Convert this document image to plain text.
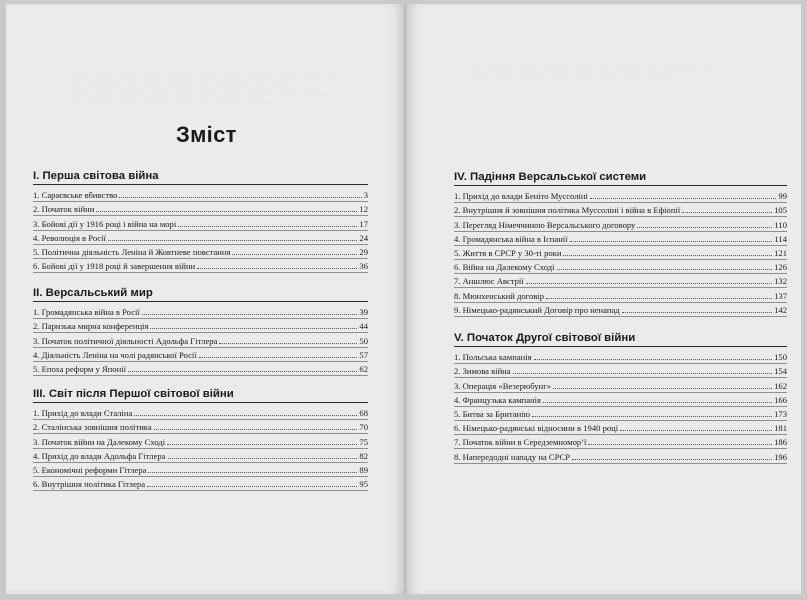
———— ——— ———— ——— ————— ——— ——— ————— ——— ———— ——
——— ————— ——— ——— ———— ——— ————— ——— ———
———— ——— ————— ——— ——— ———— ——— ————— ——— ————
——— ———— ——— ————— ——— ——— ———— ————
Зміст
I. Перша світова війна
1. Сараєвське вбивство	3
2. Початок війни	12
3. Бойові дії у 1916 році і війна на морі	17
4. Революція в Росії	24
5. Політична діяльність Леніна й Жовтневе повстання	29
6. Бойові дії у 1918 році й завершення війни	36
II. Версальський мир
1. Громадянська війна в Росії	39
2. Паризька мирна конференція	44
3. Початок політичної діяльності Адольфа Гітлера	50
4. Діяльність Леніна на чолі радянської Росії	57
5. Епоха реформ у Японії	62
III. Світ після Першої світової війни
1. Прихід до влади Сталіна	68
2. Сталінська зовнішня політика	70
3. Початок війни на Далекому Сході	75
4. Прихід до влади Адольфа Гітлера	82
5. Економічні реформи Гітлера	89
6. Внутрішня політика Гітлера	95
——— ———— ——— ————— ——— ——— ———— ——— ————— ———
———— ——— ————— ——— ——— ———— ——— —————
IV. Падіння Версальської системи
1. Прихід до влади Беніто Муссоліні	99
2. Внутрішня й зовнішня політика Муссоліні і війна в Ефіопії	105
3. Перегляд Німеччиною Версальського договору	110
4. Громадянська війна в Іспанії	114
5. Життя в СРСР у 30-ті роки	121
6. Війна на Далекому Сході	126
7. Аншлюс Австрії	132
8. Мюнхенський договір	137
9. Німецько-радянський Договір про ненапад	142
V. Початок Другої світової війни
1. Польська кампанія	150
2. Зимова війна	154
3. Операція «Везерюбунг»	162
4. Французька кампанія	166
5. Битва за Британію	173
6. Німецько-радянські відносини в 1940 році	181
7. Початок війни в Середземномор’ї	186
8. Напередодні нападу на СРСР	196
